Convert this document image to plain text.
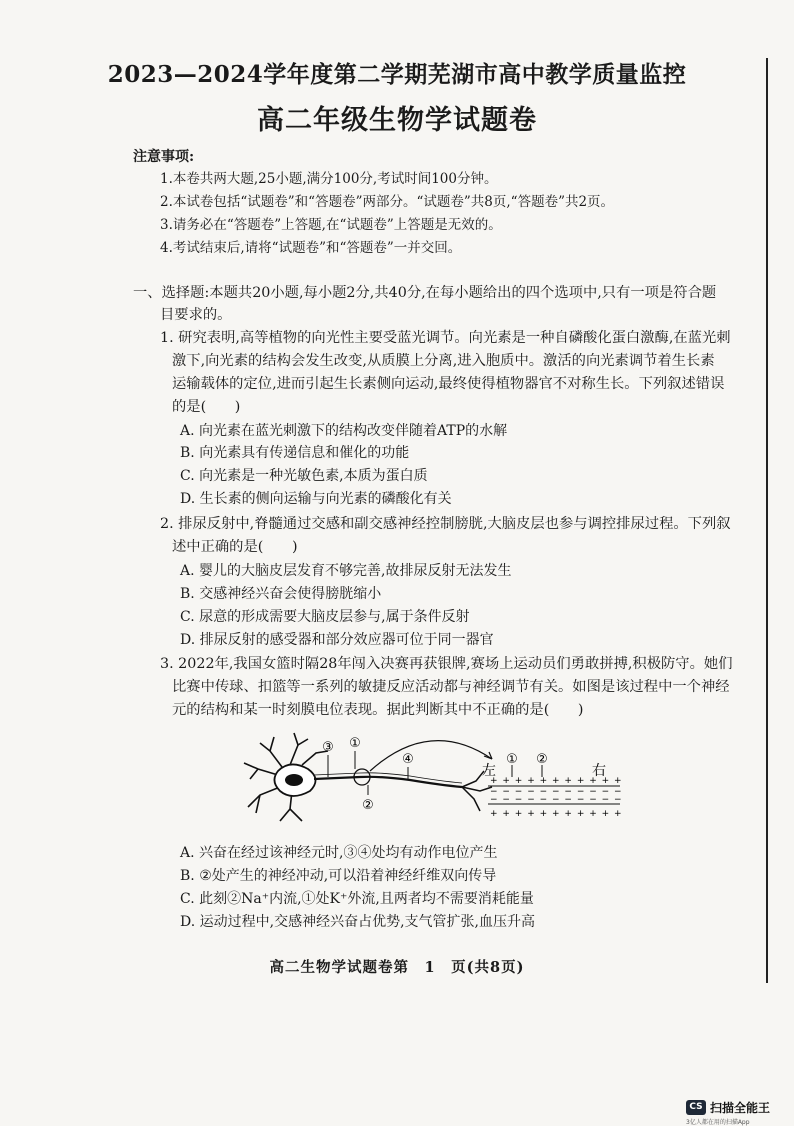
2023—2024学年度第二学期芜湖市高中教学质量监控
高二年级生物学试题卷
注意事项:
1.本卷共两大题,25小题,满分100分,考试时间100分钟。
2.本试卷包括“试题卷”和“答题卷”两部分。“试题卷”共8页,“答题卷”共2页。
3.请务必在“答题卷”上答题,在“试题卷”上答题是无效的。
4.考试结束后,请将“试题卷”和“答题卷”一并交回。
一、选择题:本题共20小题,每小题2分,共40分,在每小题给出的四个选项中,只有一项是符合题
目要求的。
1. 研究表明,高等植物的向光性主要受蓝光调节。向光素是一种自磷酸化蛋白激酶,在蓝光刺
激下,向光素的结构会发生改变,从质膜上分离,进入胞质中。激活的向光素调节着生长素
运输载体的定位,进而引起生长素侧向运动,最终使得植物器官不对称生长。下列叙述错误
的是(　　)
A. 向光素在蓝光刺激下的结构改变伴随着ATP的水解
B. 向光素具有传递信息和催化的功能
C. 向光素是一种光敏色素,本质为蛋白质
D. 生长素的侧向运输与向光素的磷酸化有关
2. 排尿反射中,脊髓通过交感和副交感神经控制膀胱,大脑皮层也参与调控排尿过程。下列叙
述中正确的是(　　)
A. 婴儿的大脑皮层发育不够完善,故排尿反射无法发生
B. 交感神经兴奋会使得膀胱缩小
C. 尿意的形成需要大脑皮层参与,属于条件反射
D. 排尿反射的感受器和部分效应器可位于同一器官
3. 2022年,我国女篮时隔28年闯入决赛再获银牌,赛场上运动员们勇敢拼搏,积极防守。她们
比赛中传球、扣篮等一系列的敏捷反应活动都与神经调节有关。如图是该过程中一个神经
元的结构和某一时刻膜电位表现。据此判断其中不正确的是(　　)
③ ①
②
④
左	右
① ②
+ + + + + + + + + + +
− − − − − − − − − − −
− − − − − − − − − − −
+ + + + + + + + + + +
A. 兴奋在经过该神经元时,③④处均有动作电位产生
B. ②处产生的神经冲动,可以沿着神经纤维双向传导
C. 此刻②Na⁺内流,①处K⁺外流,且两者均不需要消耗能量
D. 运动过程中,交感神经兴奋占优势,支气管扩张,血压升高
高二生物学试题卷第　1　页(共8页)
CS 扫描全能王
3亿人都在用的扫描App
